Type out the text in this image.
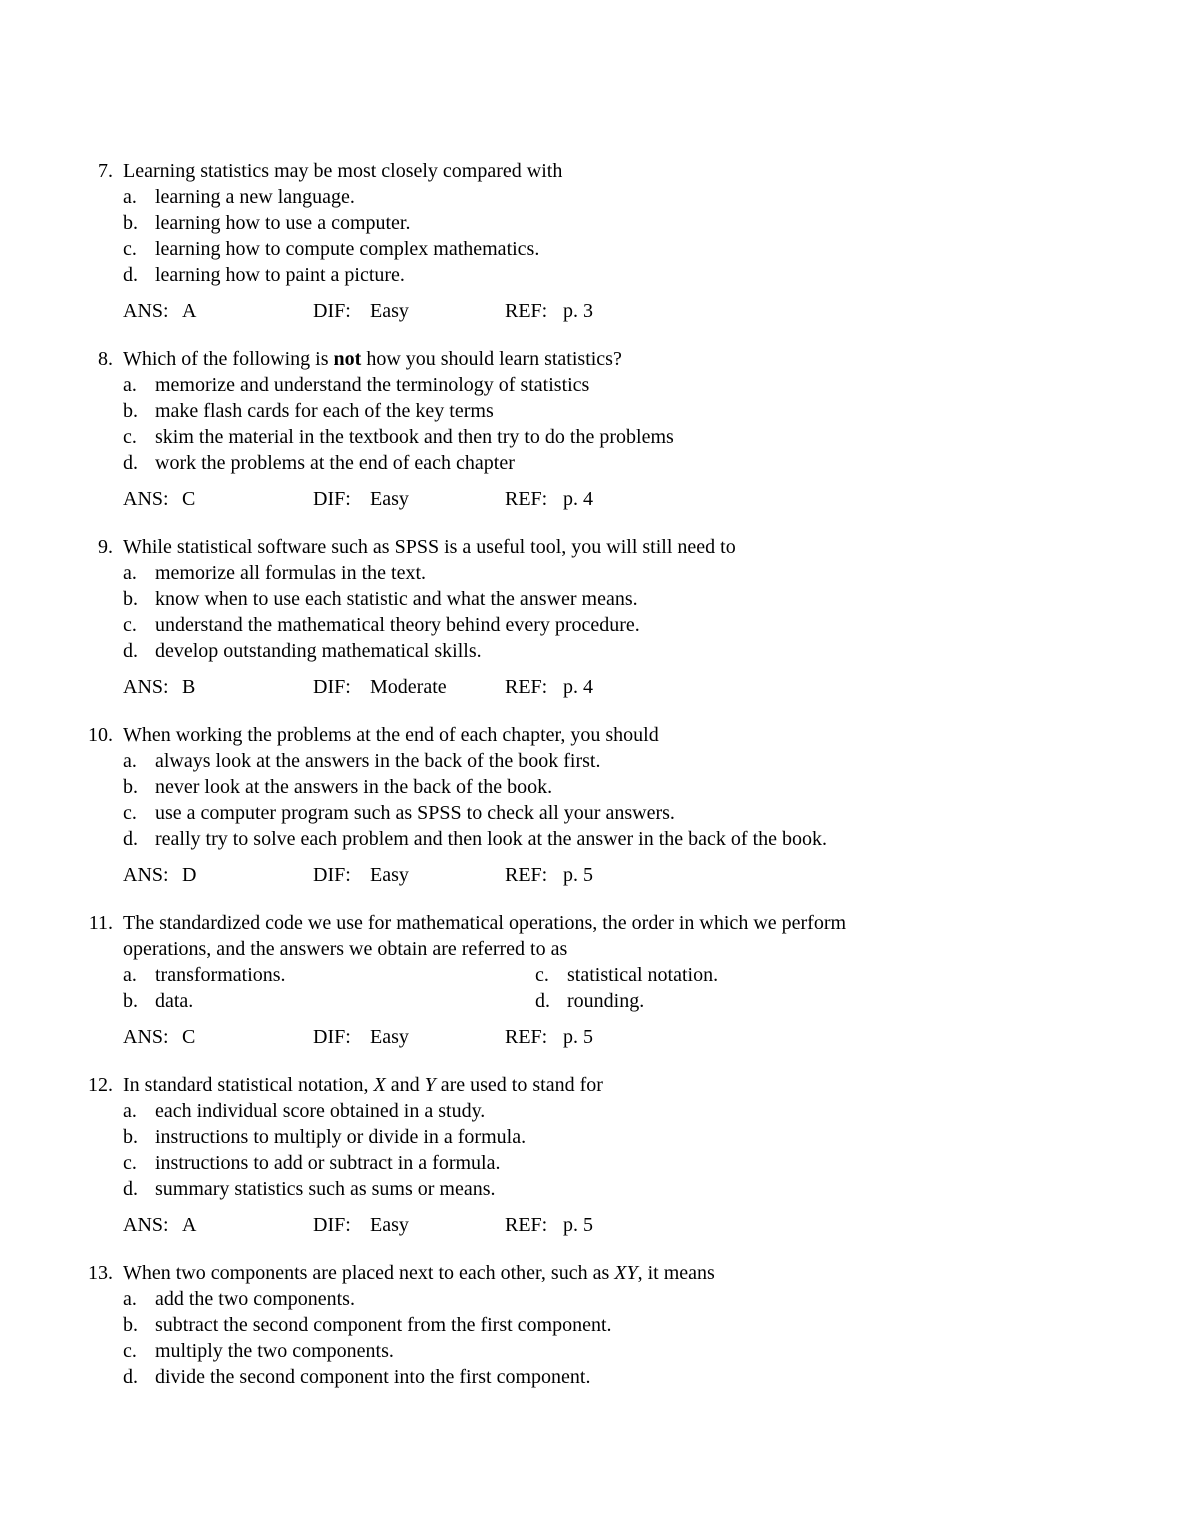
7. Learning statistics may be most closely compared with
a. learning a new language.
b. learning how to use a computer.
c. learning how to compute complex mathematics.
d. learning how to paint a picture.
ANS: A	DIF: Easy	REF: p. 3
8. Which of the following is not how you should learn statistics?
a. memorize and understand the terminology of statistics
b. make flash cards for each of the key terms
c. skim the material in the textbook and then try to do the problems
d. work the problems at the end of each chapter
ANS: C	DIF: Easy	REF: p. 4
9. While statistical software such as SPSS is a useful tool, you will still need to
a. memorize all formulas in the text.
b. know when to use each statistic and what the answer means.
c. understand the mathematical theory behind every procedure.
d. develop outstanding mathematical skills.
ANS: B	DIF: Moderate	REF: p. 4
10. When working the problems at the end of each chapter, you should
a. always look at the answers in the back of the book first.
b. never look at the answers in the back of the book.
c. use a computer program such as SPSS to check all your answers.
d. really try to solve each problem and then look at the answer in the back of the book.
ANS: D	DIF: Easy	REF: p. 5
11. The standardized code we use for mathematical operations, the order in which we perform
operations, and the answers we obtain are referred to as
a. transformations.
b. data.
c. statistical notation.
d. rounding.
ANS: C	DIF: Easy	REF: p. 5
12. In standard statistical notation, X and Y are used to stand for
a. each individual score obtained in a study.
b. instructions to multiply or divide in a formula.
c. instructions to add or subtract in a formula.
d. summary statistics such as sums or means.
ANS: A	DIF: Easy	REF: p. 5
13. When two components are placed next to each other, such as XY, it means
a. add the two components.
b. subtract the second component from the first component.
c. multiply the two components.
d. divide the second component into the first component.
